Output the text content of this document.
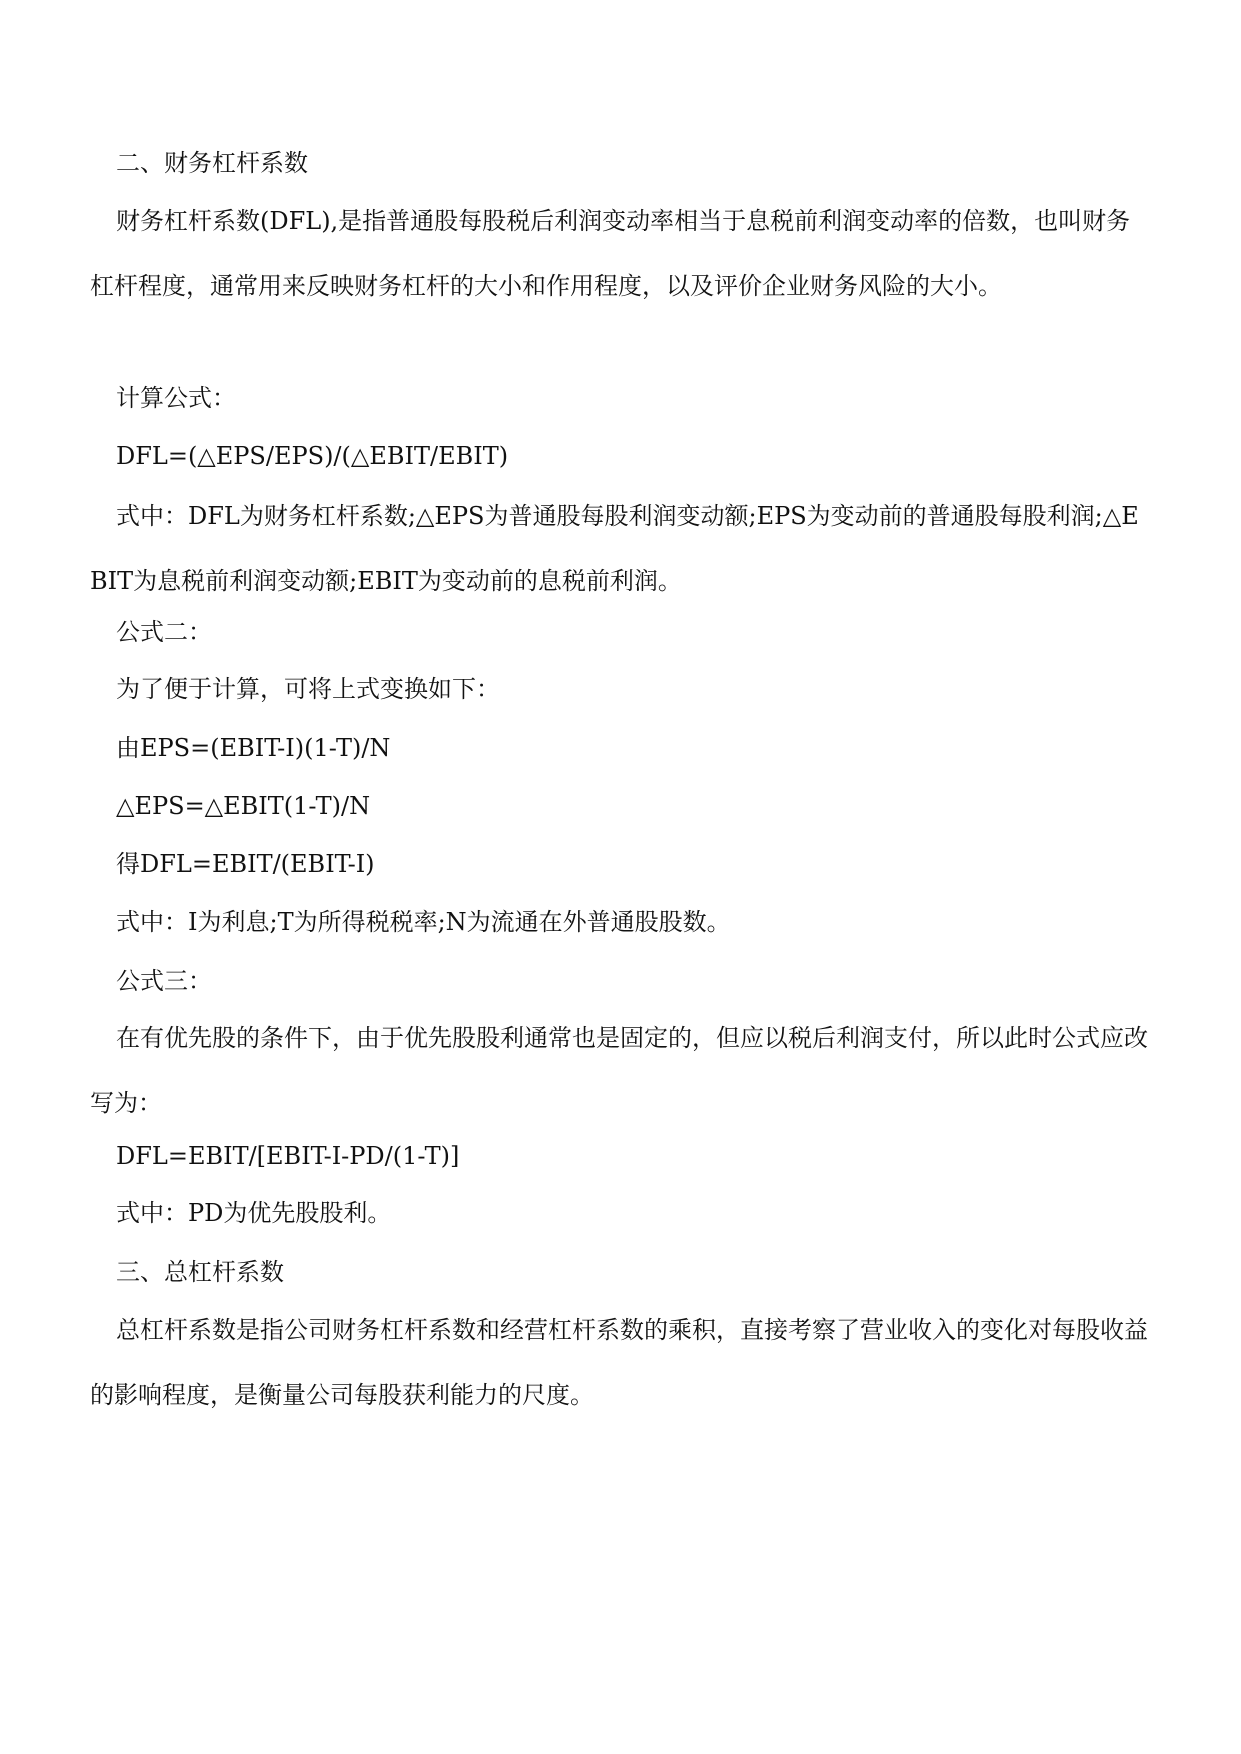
二、财务杠杆系数

财务杠杆系数(DFL),是指普通股每股税后利润变动率相当于息税前利润变动率的倍数，也叫财务杠杆程度，通常用来反映财务杠杆的大小和作用程度，以及评价企业财务风险的大小。

计算公式：

DFL=(△EPS/EPS)/(△EBIT/EBIT)

式中：DFL为财务杠杆系数;△EPS为普通股每股利润变动额;EPS为变动前的普通股每股利润;△EBIT为息税前利润变动额;EBIT为变动前的息税前利润。

公式二：

为了便于计算，可将上式变换如下：

由EPS=(EBIT-I)(1-T)/N

△EPS=△EBIT(1-T)/N

得DFL=EBIT/(EBIT-I)

式中：I为利息;T为所得税税率;N为流通在外普通股股数。

公式三：

在有优先股的条件下，由于优先股股利通常也是固定的，但应以税后利润支付，所以此时公式应改写为：

DFL=EBIT/[EBIT-I-PD/(1-T)]

式中：PD为优先股股利。

三、总杠杆系数

总杠杆系数是指公司财务杠杆系数和经营杠杆系数的乘积，直接考察了营业收入的变化对每股收益的影响程度，是衡量公司每股获利能力的尺度。
